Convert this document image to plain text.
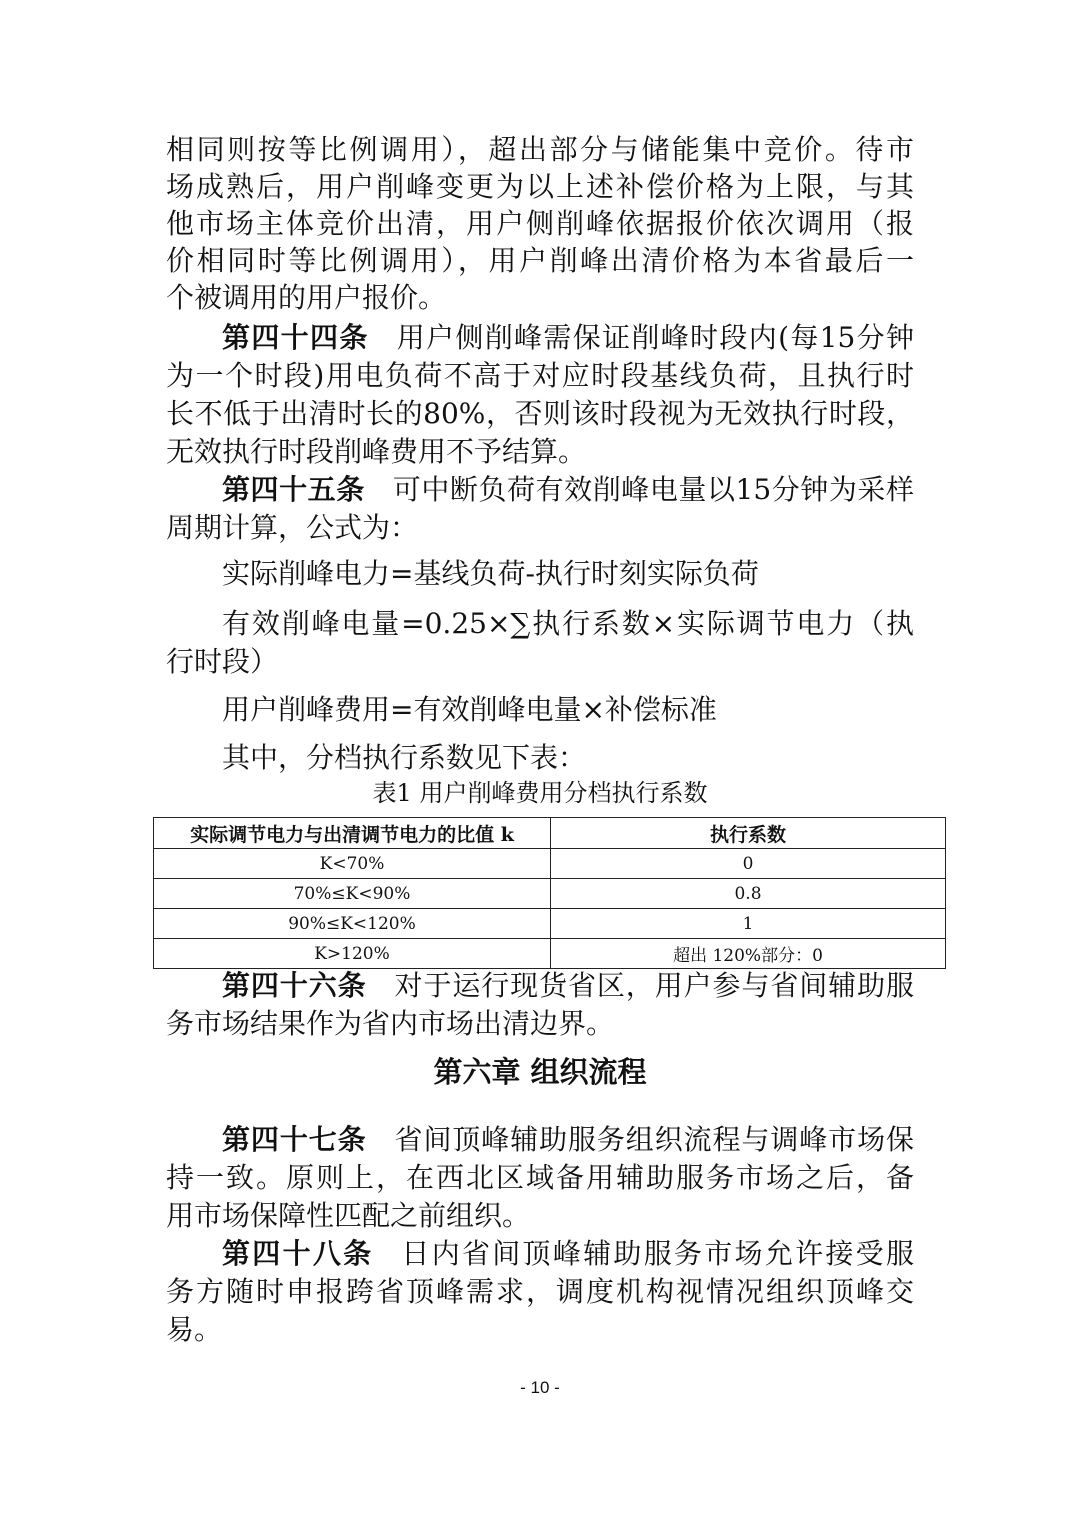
相同则按等比例调用），超出部分与储能集中竞价。待市
场成熟后，用户削峰变更为以上述补偿价格为上限，与其
他市场主体竞价出清，用户侧削峰依据报价依次调用（报
价相同时等比例调用），用户削峰出清价格为本省最后一
个被调用的用户报价。
第四十四条 用户侧削峰需保证削峰时段内(每15分钟
为一个时段)用电负荷不高于对应时段基线负荷，且执行时
长不低于出清时长的80%，否则该时段视为无效执行时段，
无效执行时段削峰费用不予结算。
第四十五条 可中断负荷有效削峰电量以15分钟为采样
周期计算，公式为：
实际削峰电力=基线负荷-执行时刻实际负荷
有效削峰电量=0.25×∑执行系数×实际调节电力（执
行时段）
用户削峰费用=有效削峰电量×补偿标准
其中，分档执行系数见下表：
表1 用户削峰费用分档执行系数
实际调节电力与出清调节电力的比值 k	执行系数
K<70%	0
70%≤K<90%	0.8
90%≤K<120%	1
K>120%	超出 120%部分：0
第四十六条 对于运行现货省区，用户参与省间辅助服
务市场结果作为省内市场出清边界。
第六章 组织流程
第四十七条 省间顶峰辅助服务组织流程与调峰市场保
持一致。原则上，在西北区域备用辅助服务市场之后，备
用市场保障性匹配之前组织。
第四十八条 日内省间顶峰辅助服务市场允许接受服
务方随时申报跨省顶峰需求，调度机构视情况组织顶峰交
易。
- 10 -
